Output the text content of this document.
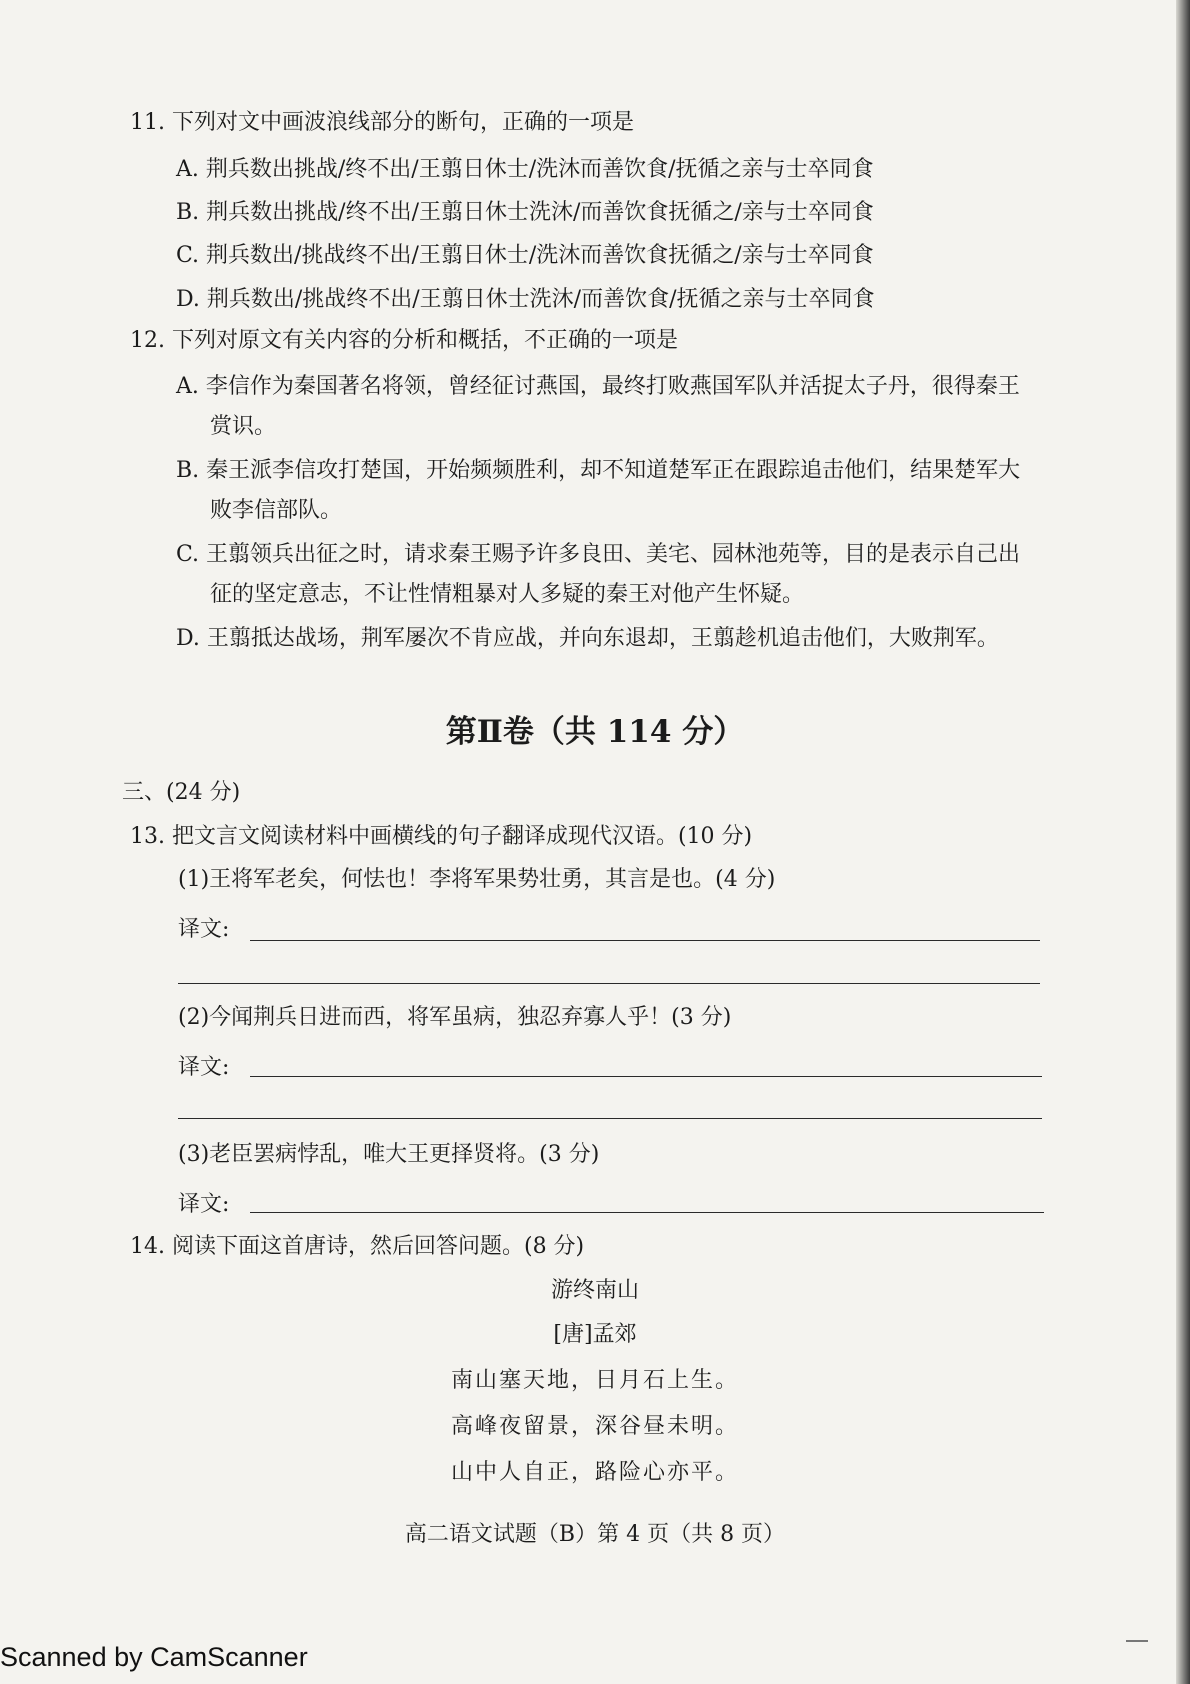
11. 下列对文中画波浪线部分的断句，正确的一项是
A. 荆兵数出挑战/终不出/王翦日休士/洗沐而善饮食/抚循之亲与士卒同食
B. 荆兵数出挑战/终不出/王翦日休士洗沐/而善饮食抚循之/亲与士卒同食
C. 荆兵数出/挑战终不出/王翦日休士/洗沐而善饮食抚循之/亲与士卒同食
D. 荆兵数出/挑战终不出/王翦日休士洗沐/而善饮食/抚循之亲与士卒同食
12. 下列对原文有关内容的分析和概括，不正确的一项是
A. 李信作为秦国著名将领，曾经征讨燕国，最终打败燕国军队并活捉太子丹，很得秦王
赏识。
B. 秦王派李信攻打楚国，开始频频胜利，却不知道楚军正在跟踪追击他们，结果楚军大
败李信部队。
C. 王翦领兵出征之时，请求秦王赐予许多良田、美宅、园林池苑等，目的是表示自己出
征的坚定意志，不让性情粗暴对人多疑的秦王对他产生怀疑。
D. 王翦抵达战场，荆军屡次不肯应战，并向东退却，王翦趁机追击他们，大败荆军。
第Ⅱ卷（共 114 分）
三、(24 分)
13. 把文言文阅读材料中画横线的句子翻译成现代汉语。(10 分)
(1)王将军老矣，何怯也！李将军果势壮勇，其言是也。(4 分)
译文:
(2)今闻荆兵日进而西，将军虽病，独忍弃寡人乎！(3 分)
译文:
(3)老臣罢病悖乱，唯大王更择贤将。(3 分)
译文:
14. 阅读下面这首唐诗，然后回答问题。(8 分)
游终南山
[唐]孟郊
南山塞天地，日月石上生。
高峰夜留景，深谷昼未明。
山中人自正，路险心亦平。
高二语文试题（B）第 4 页（共 8 页）
Scanned by CamScanner
